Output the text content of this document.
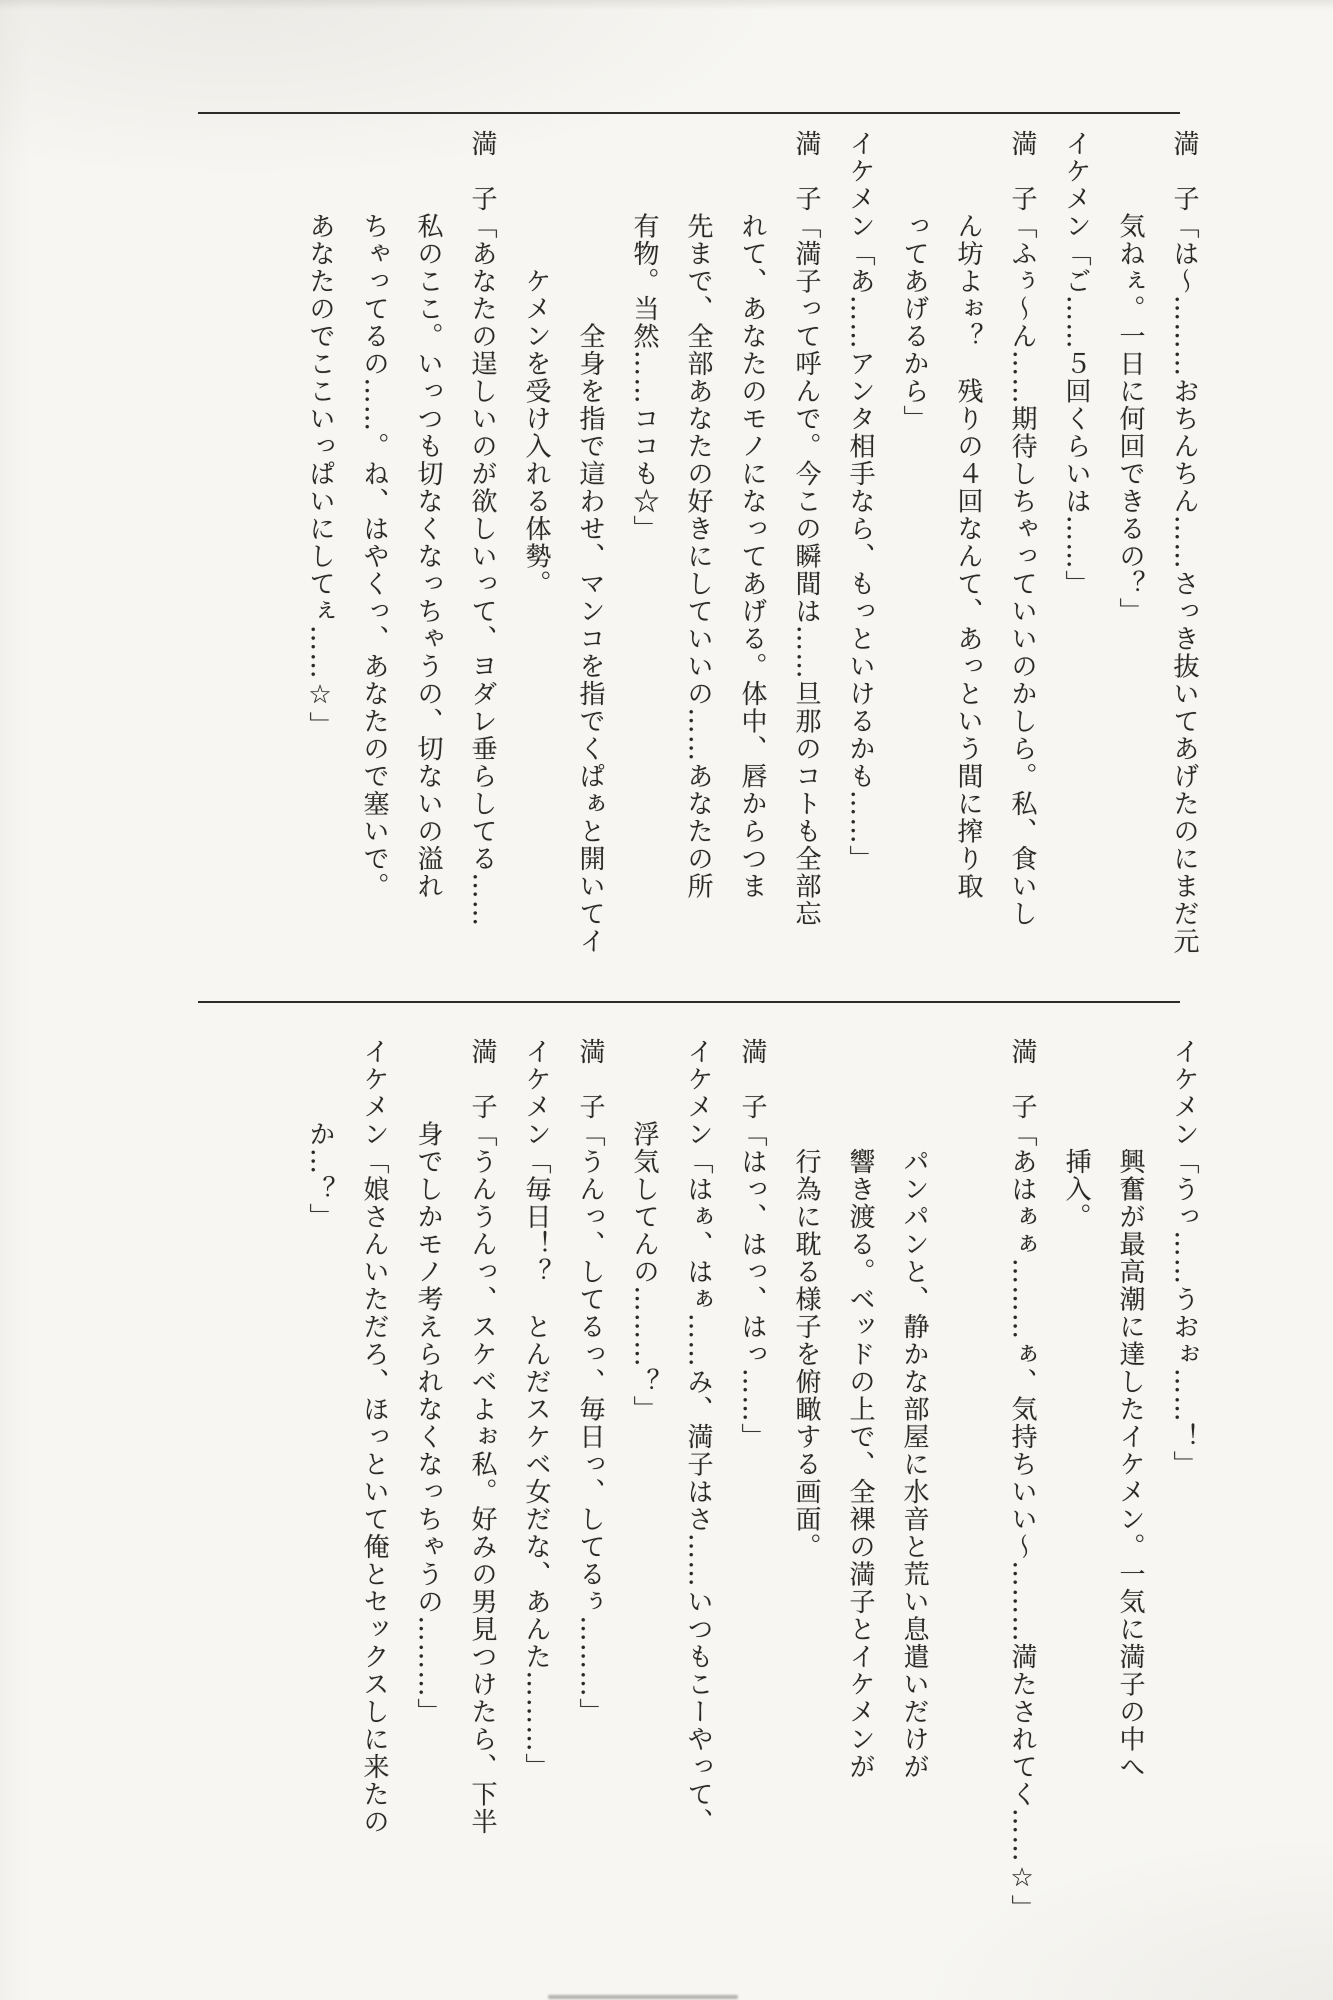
満　子「は〜………おちんちん……さっき抜いてあげたのにまだ元
　　　気ねぇ。一日に何回できるの？」
イケメン「ご……５回くらいは……」
満　子「ふぅ〜ん……期待しちゃっていいのかしら。私、食いし
　　　ん坊よぉ？　残りの４回なんて、あっという間に搾り取
　　　ってあげるから」
イケメン「あ……アンタ相手なら、もっといけるかも……」
満　子「満子って呼んで。今この瞬間は……旦那のコトも全部忘
　　　れて、あなたのモノになってあげる。体中、唇からつま
　　　先まで、全部あなたの好きにしていいの……あなたの所
　　　有物。当然……ココも☆」
　　　　　　　全身を指で這わせ、マンコを指でくぱぁと開いてイ
　　　　　ケメンを受け入れる体勢。
満　子「あなたの逞しいのが欲しいって、ヨダレ垂らしてる……
　　　私のここ。いっつも切なくなっちゃうの、切ないの溢れ
　　　ちゃってるの……。ね、はやくっ、あなたので塞いで。
　　　あなたのでここいっぱいにしてぇ……☆」
イケメン「うっ……うおぉ……！」
　　　　興奮が最高潮に達したイケメン。一気に満子の中へ
　　　　挿入。
満　子「あはぁぁ………ぁ、気持ちいい〜………満たされてく……☆」

　　　　パンパンと、静かな部屋に水音と荒い息遣いだけが
　　　　響き渡る。ベッドの上で、全裸の満子とイケメンが
　　　　行為に耽る様子を俯瞰する画面。
満　子「はっ、はっ、はっ……」
イケメン「はぁ、はぁ……み、満子はさ……いつもこーやって、
　　　浮気してんの………？」
満　子「うんっ、してるっ、毎日っ、してるぅ………」
イケメン「毎日！？　とんだスケベ女だな、あんた………」
満　子「うんうんっ、スケベよぉ私。好みの男見つけたら、下半
　　　身でしかモノ考えられなくなっちゃうの………」
イケメン「娘さんいただろ、ほっといて俺とセックスしに来たの
　　　か…？」
